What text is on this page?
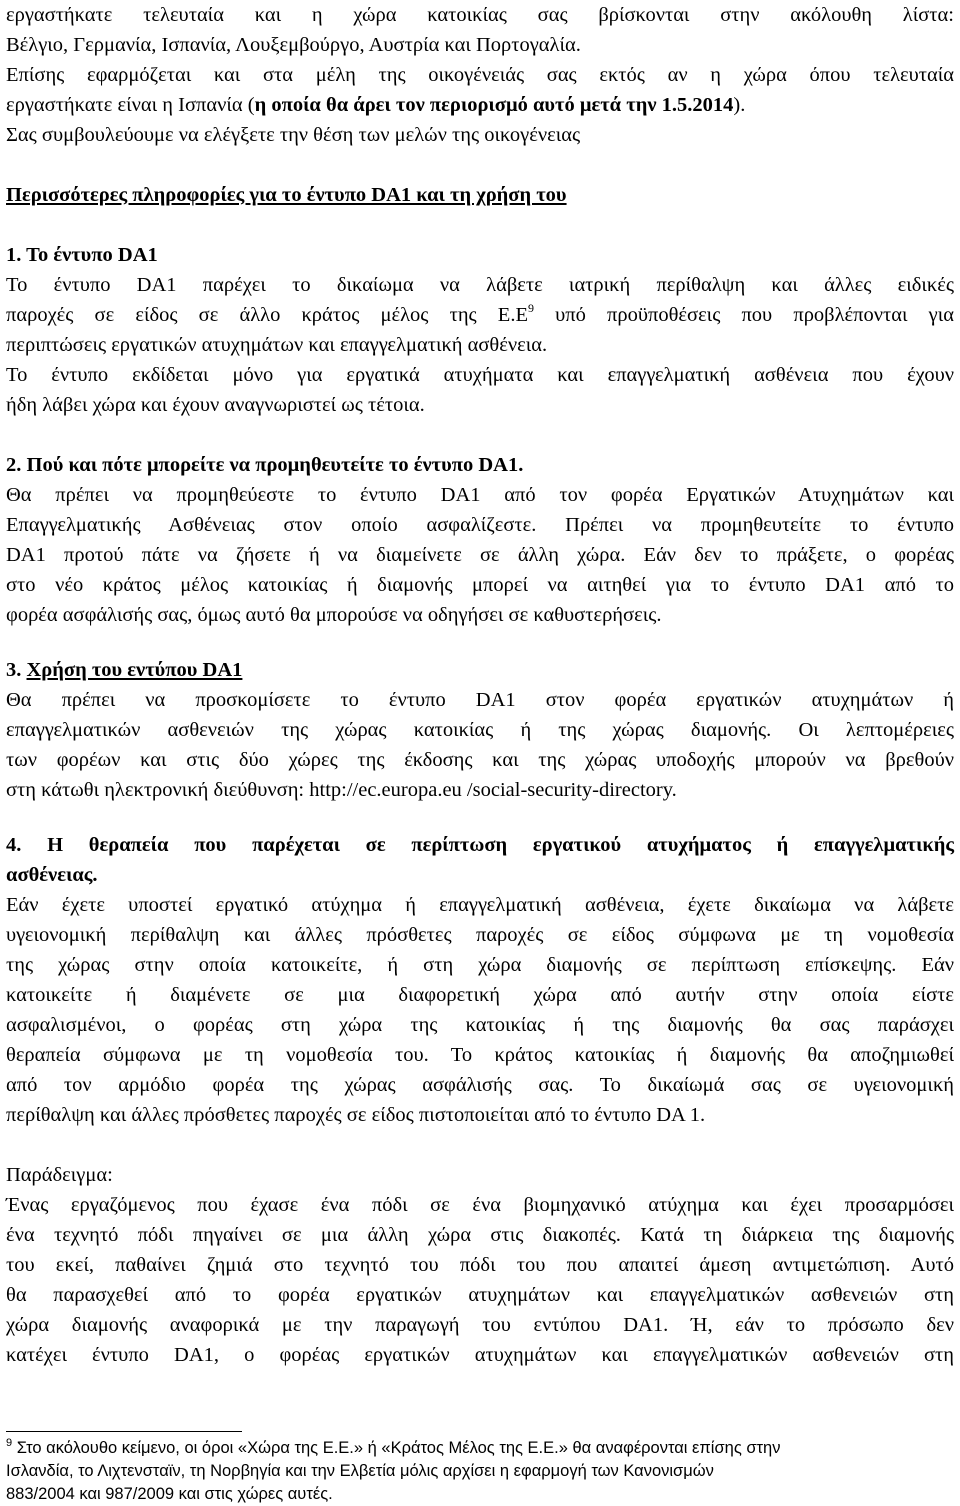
εργαστήκατε τελευταία και η χώρα κατοικίας σας βρίσκονται στην ακόλουθη λίστα:
Βέλγιο, Γερμανία, Ισπανία, Λουξεμβούργο, Αυστρία και Πορτογαλία.
Επίσης εφαρμόζεται και στα μέλη της οικογένειάς σας εκτός αν η χώρα όπου τελευταία
εργαστήκατε είναι η Ισπανία (η οποία θα άρει τον περιορισμό αυτό μετά την 1.5.2014).
Σας συμβουλεύουμε να ελέγξετε την θέση των μελών της οικογένειας
Περισσότερες πληροφορίες για το έντυπο DA1 και τη χρήση του
1. Το έντυπο DA1
Το έντυπο DA1 παρέχει το δικαίωμα να λάβετε ιατρική περίθαλψη και άλλες ειδικές
παροχές σε είδος σε άλλο κράτος μέλος της $E.E^9$ υπό προϋποθέσεις που προβλέπονται για
περιπτώσεις εργατικών ατυχημάτων και επαγγελματική ασθένεια.
Το έντυπο εκδίδεται μόνο για εργατικά ατυχήματα και επαγγελματική ασθένεια που έχουν
ήδη λάβει χώρα και έχουν αναγνωριστεί ως τέτοια.
2. Πού και πότε μπορείτε να προμηθευτείτε το έντυπο DA1.
Θα πρέπει να προμηθεύεστε το έντυπο DA1 από τον φορέα Εργατικών Ατυχημάτων και
Επαγγελματικής Ασθένειας στον οποίο ασφαλίζεστε. Πρέπει να προμηθευτείτε το έντυπο
DA1 προτού πάτε να ζήσετε ή να διαμείνετε σε άλλη χώρα. Εάν δεν το πράξετε, ο φορέας
στο νέο κράτος μέλος κατοικίας ή διαμονής μπορεί να αιτηθεί για το έντυπο DA1 από το
φορέα ασφάλισής σας, όμως αυτό θα μπορούσε να οδηγήσει σε καθυστερήσεις.
3. Χρήση του εντύπου DA1
Θα πρέπει να προσκομίσετε το έντυπο DA1 στον φορέα εργατικών ατυχημάτων ή
επαγγελματικών ασθενειών της χώρας κατοικίας ή της χώρας διαμονής. Οι λεπτομέρειες
των φορέων και στις δύο χώρες της έκδοσης και της χώρας υποδοχής μπορούν να βρεθούν
στη κάτωθι ηλεκτρονική διεύθυνση: http://ec.europa.eu /social-security-directory.
4. Η θεραπεία που παρέχεται σε περίπτωση εργατικού ατυχήματος ή επαγγελματικής
ασθένειας.
Εάν έχετε υποστεί εργατικό ατύχημα ή επαγγελματική ασθένεια, έχετε δικαίωμα να λάβετε
υγειονομική περίθαλψη και άλλες πρόσθετες παροχές σε είδος σύμφωνα με τη νομοθεσία
της χώρας στην οποία κατοικείτε, ή στη χώρα διαμονής σε περίπτωση επίσκεψης. Εάν
κατοικείτε ή διαμένετε σε μια διαφορετική χώρα από αυτήν στην οποία είστε
ασφαλισμένοι, ο φορέας στη χώρα της κατοικίας ή της διαμονής θα σας παράσχει
θεραπεία σύμφωνα με τη νομοθεσία του. Το κράτος κατοικίας ή διαμονής θα αποζημιωθεί
από τον αρμόδιο φορέα της χώρας ασφάλισής σας. Το δικαίωμά σας σε υγειονομική
περίθαλψη και άλλες πρόσθετες παροχές σε είδος πιστοποιείται από το έντυπο DA 1.
Παράδειγμα:
Ένας εργαζόμενος που έχασε ένα πόδι σε ένα βιομηχανικό ατύχημα και έχει προσαρμόσει
ένα τεχνητό πόδι πηγαίνει σε μια άλλη χώρα στις διακοπές. Κατά τη διάρκεια της διαμονής
του εκεί, παθαίνει ζημιά στο τεχνητό του πόδι του που απαιτεί άμεση αντιμετώπιση. Αυτό
θα παρασχεθεί από το φορέα εργατικών ατυχημάτων και επαγγελματικών ασθενειών στη
χώρα διαμονής αναφορικά με την παραγωγή του εντύπου DA1. Ή, εάν το πρόσωπο δεν
κατέχει έντυπο DA1, ο φορέας εργατικών ατυχημάτων και επαγγελματικών ασθενειών στη
$^9$ Στο ακόλουθο κείμενο, οι όροι «Χώρα της Ε.Ε.» ή «Κράτος Μέλος της Ε.Ε.» θα αναφέρονται επίσης στην
Ισλανδία, το Λιχτενσταϊν, τη Νορβηγία και την Ελβετία μόλις αρχίσει η εφαρμογή των Κανονισμών
883/2004 και 987/2009 και στις χώρες αυτές.
